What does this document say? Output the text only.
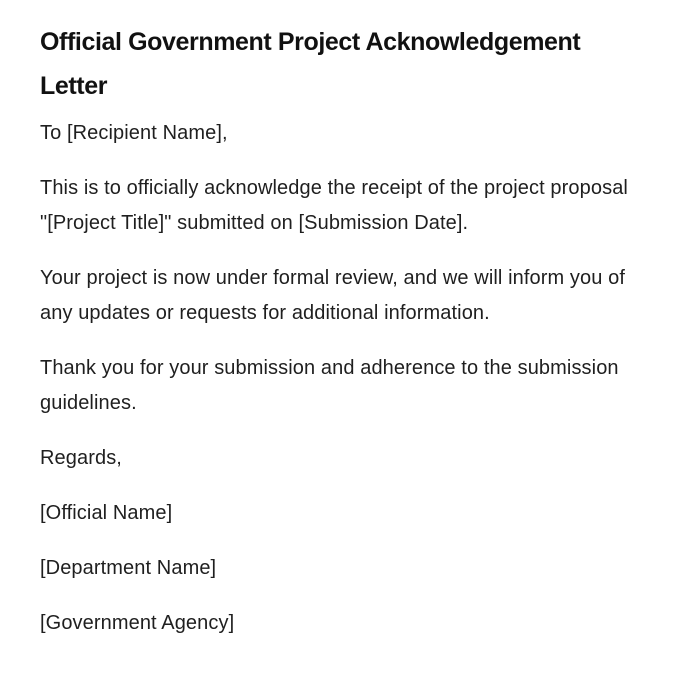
Official Government Project Acknowledgement Letter

To [Recipient Name],

This is to officially acknowledge the receipt of the project proposal "[Project Title]" submitted on [Submission Date].

Your project is now under formal review, and we will inform you of any updates or requests for additional information.

Thank you for your submission and adherence to the submission guidelines.

Regards,

[Official Name]

[Department Name]

[Government Agency]
